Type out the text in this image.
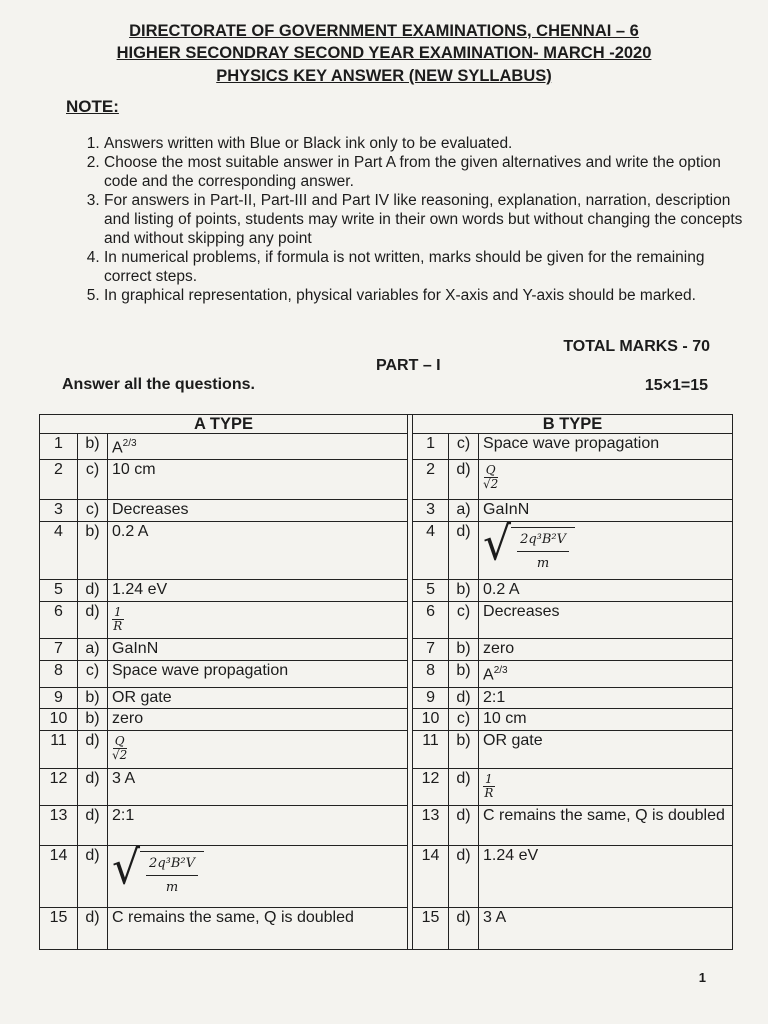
DIRECTORATE OF GOVERNMENT EXAMINATIONS, CHENNAI – 6
HIGHER SECONDRAY SECOND YEAR EXAMINATION- MARCH -2020
PHYSICS KEY ANSWER (NEW SYLLABUS)
NOTE:
1. Answers written with Blue or Black ink only to be evaluated.
2. Choose the most suitable answer in Part A from the given alternatives and write the option code and the corresponding answer.
3. For answers in Part-II, Part-III and Part IV like reasoning, explanation, narration, description and listing of points, students may write in their own words but without changing the concepts and without skipping any point
4. In numerical problems, if formula is not written, marks should be given for the remaining correct steps.
5. In graphical representation, physical variables for X-axis and Y-axis should be marked.
TOTAL MARKS - 70
PART – I
Answer all the questions.	15×1=15
A TYPE				B TYPE		
1	b)	$A^{2/3}$		1	c)	Space wave propagation
2	c)	10 cm		2	d)	$\frac{Q}{√2}$

3	c)	Decreases		3	a)	GaInN
4	b)	0.2 A		4	d)	√ $\frac{\text{2q³B²V}}{m}$

5	d)	1.24 eV		5	b)	0.2 A
6	d)	$\frac{1}{R}$		6	c)	Decreases
7	a)	GaInN		7	b)	zero
8	c)	Space wave propagation		8	b)	$A^{2/3}$
9	b)	OR gate		9	d)	2:1
10	b)	zero		10	c)	10 cm
11	d)	$\frac{Q}{√2}$		11	b)	OR gate
12	d)	3 A		12	d)	$\frac{1}{R}$

13	d)	2:1		13	d)	C remains the same, Q is doubled
14	d)	√ $\frac{\text{2q³B²V}}{m}$		14	d)	1.24 eV
15	d)	C remains the same, Q is doubled		15	d)	3 A
1
